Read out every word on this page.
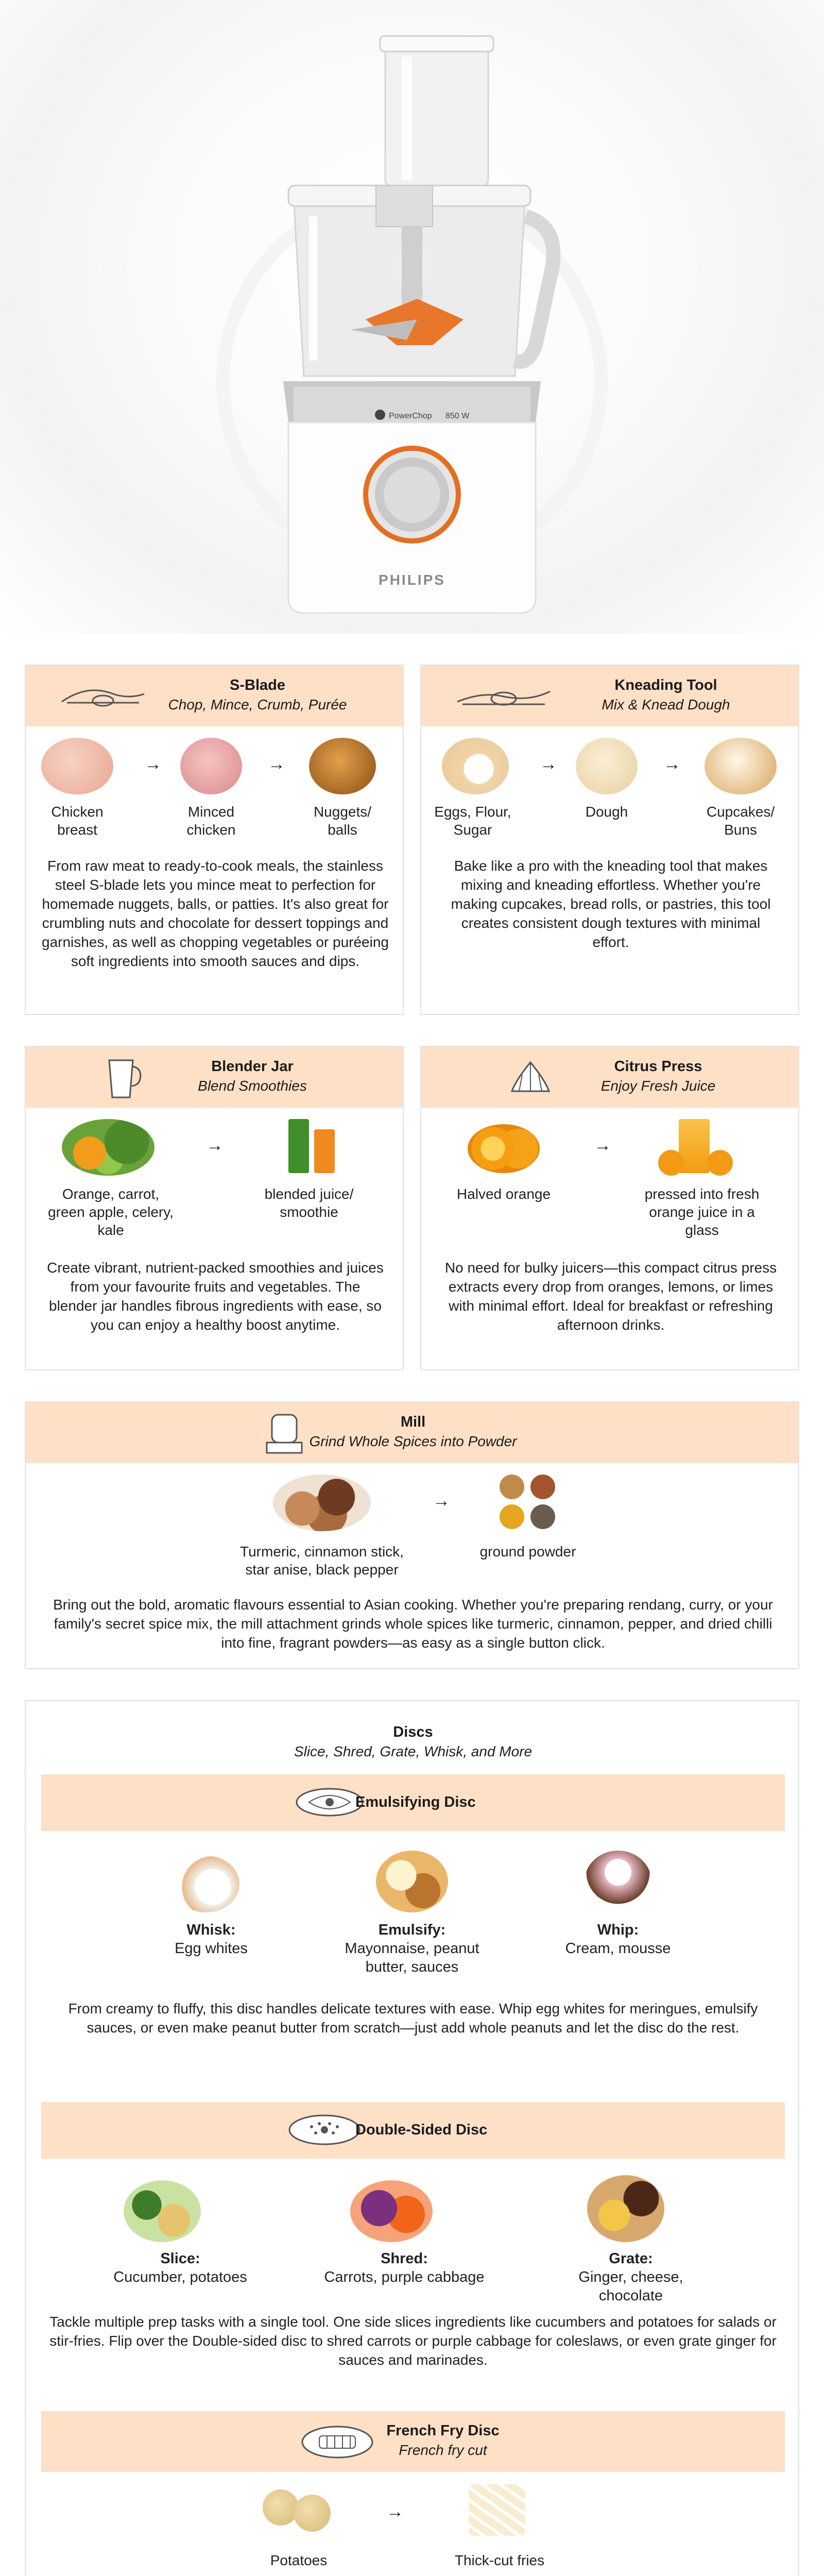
PowerChop 850 W
PHILIPS
S-Blade
Chop, Mince, Crumb, Purée
→	→
Chicken breast
Minced chicken
Nuggets/ balls
From raw meat to ready-to-cook meals, the stainless steel S-blade lets you mince meat to perfection for homemade nuggets, balls, or patties. It's also great for crumbling nuts and chocolate for dessert toppings and garnishes, as well as chopping vegetables or puréeing soft ingredients into smooth sauces and dips.
Kneading Tool
Mix & Knead Dough
→	→
Eggs, Flour, Sugar
Dough	Cupcakes/ Buns
Bake like a pro with the kneading tool that makes mixing and kneading effortless. Whether you're making cupcakes, bread rolls, or pastries, this tool creates consistent dough textures with minimal effort.
Blender Jar
Blend Smoothies
→
Orange, carrot, green apple, celery, kale
blended juice/ smoothie
Create vibrant, nutrient-packed smoothies and juices from your favourite fruits and vegetables. The blender jar handles fibrous ingredients with ease, so you can enjoy a healthy boost anytime.
Citrus Press
Enjoy Fresh Juice
→
Halved orange	pressed into fresh orange juice in a glass
No need for bulky juicers—this compact citrus press extracts every drop from oranges, lemons, or limes with minimal effort. Ideal for breakfast or refreshing afternoon drinks.
Mill
Grind Whole Spices into Powder
→
Turmeric, cinnamon stick, star anise, black pepper
ground powder
Bring out the bold, aromatic flavours essential to Asian cooking. Whether you're preparing rendang, curry, or your family's secret spice mix, the mill attachment grinds whole spices like turmeric, cinnamon, pepper, and dried chilli into fine, fragrant powders—as easy as a single button click.
Discs
Slice, Shred, Grate, Whisk, and More
Emulsifying Disc
Whisk:
Egg whites
Emulsify:
Mayonnaise, peanut butter, sauces
Whip:
Cream, mousse
From creamy to fluffy, this disc handles delicate textures with ease. Whip egg whites for meringues, emulsify sauces, or even make peanut butter from scratch—just add whole peanuts and let the disc do the rest.
Double-Sided Disc
Slice:
Cucumber, potatoes
Shred:
Carrots, purple cabbage
Grate:
Ginger, cheese, chocolate
Tackle multiple prep tasks with a single tool. One side slices ingredients like cucumbers and potatoes for salads or stir-fries. Flip over the Double-sided disc to shred carrots or purple cabbage for coleslaws, or even grate ginger for sauces and marinades.
French Fry Disc
French fry cut
→
Potatoes	Thick-cut fries
